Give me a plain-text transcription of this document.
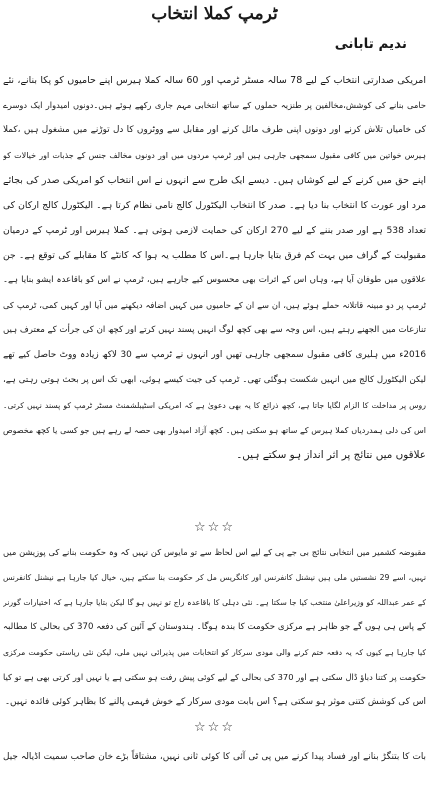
ٹرمپ کملا انتخاب
ندیم تابانی
امریکی صدارتی انتخاب کے لیے 78 سالہ مسٹر ٹرمپ اور 60 سالہ کملا ہیرس اپنے حامیوں کو پکا بنانے، نئے
حامی بنانے کی کوشش،مخالفین پر طنزیہ حملوں کے ساتھ انتخابی مہم جاری رکھے ہوئے ہیں۔دونوں امیدوار ایک دوسرے
کی خامیاں تلاش کرنے اور دونوں اپنی طرف مائل کرنے اور مقابل سے ووٹروں کا دل توڑنے میں مشغول ہیں ،کملا
ہیرس خواتین میں کافی مقبول سمجھی جارہی ہیں اور ٹرمپ مردوں میں اور دونوں مخالف جنس کے جذبات اور خیالات کو
اپنے حق میں کرنے کے لیے کوشاں ہیں۔ دیسے ایک طرح سے انہوں نے اس انتخاب کو امریکی صدر کی بجائے
مرد اور عورت کا انتخاب بنا دیا ہے۔ صدر کا انتخاب الیکٹورل کالج نامی نظام کرتا ہے۔ الیکٹورل کالج ارکان کی
تعداد 538 ہے اور صدر بننے کے لیے 270 ارکان کی حمایت لازمی ہوتی ہے۔ کملا ہیرس اور ٹرمپ کے درمیان
مقبولیت کے گراف میں بہت کم فرق بتایا جارہا ہے۔اس کا مطلب یہ ہوا کہ کانٹے کا مقابلے کی توقع ہے۔ جن
علاقوں میں طوفان آیا ہے، وہاں اس کے اثرات بھی محسوس کیے جارہے ہیں، ٹرمپ نے اس کو باقاعدہ ایشو بنایا ہے۔
ٹرمپ پر دو مبینہ قاتلانہ حملے ہوئے ہیں، ان سے ان کے حامیوں میں کہیں اضافہ دیکھنے میں آیا اور کہیں کمی، ٹرمپ کی
تنازعات میں الجھنے رہتے ہیں، اس وجہ سے بھی کچھ لوگ انہیں پسند نہیں کرتے اور کچھ ان کی جرأت کے معترف ہیں
2016ء میں ہلیری کافی مقبول سمجھی جارہی تھیں اور انہوں نے ٹرمپ سے 30 لاکھ زیادہ ووٹ حاصل کیے تھے
لیکن الیکٹورل کالج میں انہیں شکست ہوگئی تھی۔ ٹرمپ کی جیت کیسے ہوئی، ابھی تک اس پر بحث ہوتی رہتی ہے،
روس پر مداخلت کا الزام لگایا جاتا ہے، کچھ ذرائع کا یہ بھی دعویٰ ہے کہ امریکی اسٹیبلشمنٹ مسٹر ٹرمپ کو پسند نہیں کرتی۔
اس کی دلی ہمدردیاں کملا ہیرس کے ساتھ ہو سکتی ہیں۔ کچھ آزاد امیدوار بھی حصہ لے رہے ہیں جو کسی یا کچھ مخصوص
علاقوں میں نتائج پر اثر انداز ہو سکتے ہیں۔
☆☆☆
مقبوضہ کشمیر میں انتخابی نتائج بی جے پی کے لیے اس لحاظ سے تو مایوس کن نہیں کہ وہ حکومت بنانے کی پوزیشن میں
نہیں، اسے 29 نشستیں ملی ہیں نیشنل کانفرنس اور کانگریس مل کر حکومت بنا سکتے ہیں، خیال کیا جارہا ہے نیشنل کانفرنس
کے عمر عبداللہ کو وزیراعلیٰ منتخب کیا جا سکتا ہے۔ نئی دہلی کا باقاعدہ راج تو نہیں ہو گا لیکن بتایا جارہا ہے کہ اختیارات گورنر
کے پاس ہی ہوں گے جو ظاہر ہے مرکزی حکومت کا بندہ ہوگا۔ ہندوستان کے آئین کی دفعہ 370 کی بحالی کا مطالبہ
کیا جارہا ہے کیوں کہ یہ دفعہ ختم کرنے والی مودی سرکار کو انتخابات میں پذیرائی نہیں ملی، لیکن نئی ریاستی حکومت مرکزی
حکومت پر کتنا دباؤ ڈال سکتی ہے اور 370 کی بحالی کے لیے کوئی پیش رفت ہو سکتی ہے یا نہیں اور کرتی بھی ہے تو کیا
اس کی کوشش کتنی موثر ہو سکتی ہے؟ اس بابت مودی سرکار کے خوش فہمی پالنے کا بظاہر کوئی فائدہ نہیں۔
☆☆☆
بات کا بتنگڑ بنانے اور فساد پیدا کرنے میں پی ٹی آئی کا کوئی ثانی نہیں، مشتاقاً بڑے خان صاحب سمیت اڈیالہ جیل
